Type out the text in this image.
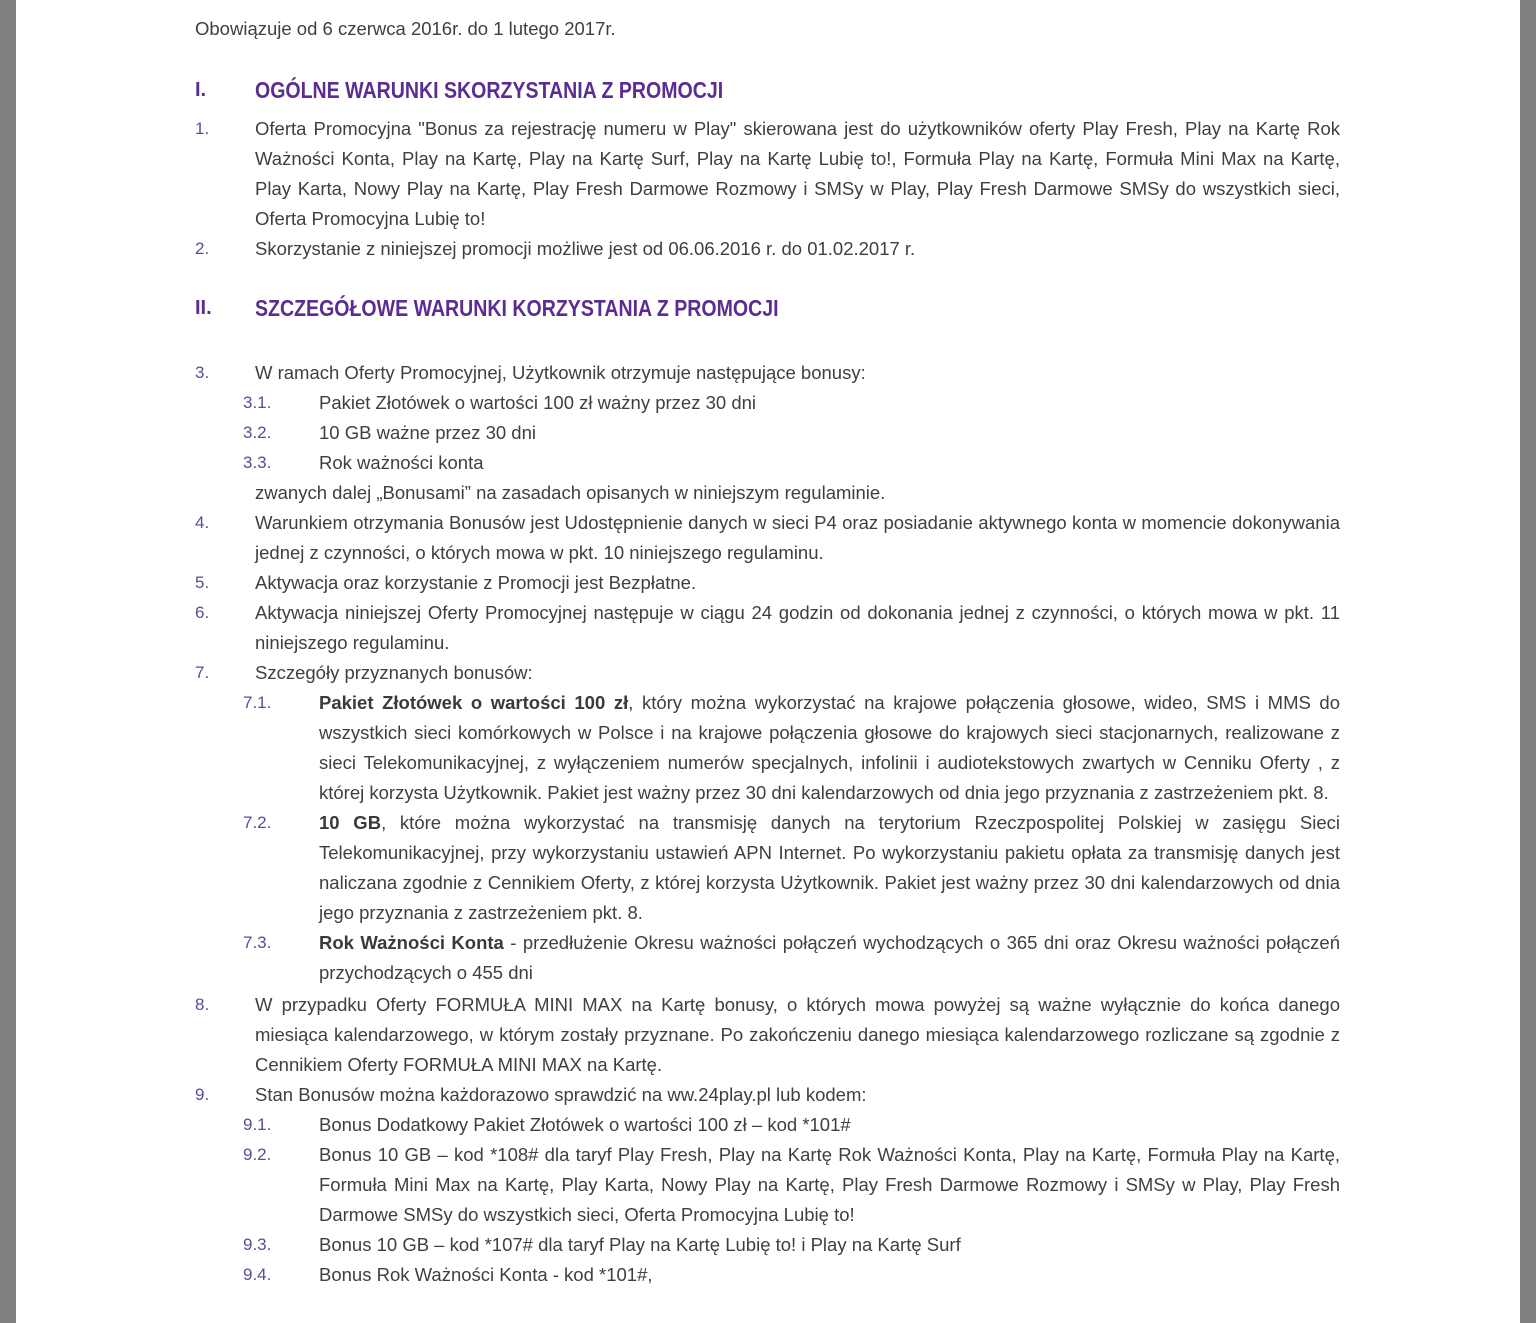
Obowiązuje od 6 czerwca 2016r. do 1 lutego 2017r.
I.	OGÓLNE WARUNKI SKORZYSTANIA Z PROMOCJI
1.	Oferta Promocyjna "Bonus za rejestrację numeru w Play" skierowana jest do użytkowników oferty Play Fresh, Play na Kartę Rok Ważności Konta, Play na Kartę, Play na Kartę Surf, Play na Kartę Lubię to!, Formuła Play na Kartę, Formuła Mini Max na Kartę, Play Karta, Nowy Play na Kartę, Play Fresh Darmowe Rozmowy i SMSy w Play, Play Fresh Darmowe SMSy do wszystkich sieci, Oferta Promocyjna Lubię to!
2.	Skorzystanie z niniejszej promocji możliwe jest od 06.06.2016 r. do 01.02.2017 r.
II.	SZCZEGÓŁOWE WARUNKI KORZYSTANIA Z PROMOCJI
3.	W ramach Oferty Promocyjnej, Użytkownik otrzymuje następujące bonusy:
3.1.	Pakiet Złotówek o wartości 100 zł ważny przez 30 dni
3.2.	10 GB ważne przez 30 dni
3.3.	Rok ważności konta
zwanych dalej „Bonusami” na zasadach opisanych w niniejszym regulaminie.
4.	Warunkiem otrzymania Bonusów jest Udostępnienie danych w sieci P4 oraz posiadanie aktywnego konta w momencie dokonywania jednej z czynności, o których mowa w pkt. 10 niniejszego regulaminu.
5.	Aktywacja oraz korzystanie z Promocji jest Bezpłatne.
6.	Aktywacja niniejszej Oferty Promocyjnej następuje w ciągu 24 godzin od dokonania jednej z czynności, o których mowa w pkt. 11 niniejszego regulaminu.
7.	Szczegóły przyznanych bonusów:
7.1.	Pakiet Złotówek o wartości 100 zł, który można wykorzystać na krajowe połączenia głosowe, wideo, SMS i MMS do wszystkich sieci komórkowych w Polsce i na krajowe połączenia głosowe do krajowych sieci stacjonarnych, realizowane z sieci Telekomunikacyjnej, z wyłączeniem numerów specjalnych, infolinii i audiotekstowych zwartych w Cenniku Oferty , z której korzysta Użytkownik. Pakiet jest ważny przez 30 dni kalendarzowych od dnia jego przyznania z zastrzeżeniem pkt. 8.
7.2.	10 GB, które można wykorzystać na transmisję danych na terytorium Rzeczpospolitej Polskiej w zasięgu Sieci Telekomunikacyjnej, przy wykorzystaniu ustawień APN Internet. Po wykorzystaniu pakietu opłata za transmisję danych jest naliczana zgodnie z Cennikiem Oferty, z której korzysta Użytkownik. Pakiet jest ważny przez 30 dni kalendarzowych od dnia jego przyznania z zastrzeżeniem pkt. 8.
7.3.	Rok Ważności Konta - przedłużenie Okresu ważności połączeń wychodzących o 365 dni oraz Okresu ważności połączeń przychodzących o 455 dni
8.	W przypadku Oferty FORMUŁA MINI MAX na Kartę bonusy, o których mowa powyżej są ważne wyłącznie do końca danego miesiąca kalendarzowego, w którym zostały przyznane. Po zakończeniu danego miesiąca kalendarzowego rozliczane są zgodnie z Cennikiem Oferty FORMUŁA MINI MAX na Kartę.
9.	Stan Bonusów można każdorazowo sprawdzić na ww.24play.pl lub kodem:
9.1.	Bonus Dodatkowy Pakiet Złotówek o wartości 100 zł – kod *101#
9.2.	Bonus 10 GB – kod *108# dla taryf Play Fresh, Play na Kartę Rok Ważności Konta, Play na Kartę, Formuła Play na Kartę, Formuła Mini Max na Kartę, Play Karta, Nowy Play na Kartę, Play Fresh Darmowe Rozmowy i SMSy w Play, Play Fresh Darmowe SMSy do wszystkich sieci, Oferta Promocyjna Lubię to!
9.3.	Bonus 10 GB – kod *107# dla taryf Play na Kartę Lubię to! i Play na Kartę Surf
9.4.	Bonus Rok Ważności Konta - kod *101#,
